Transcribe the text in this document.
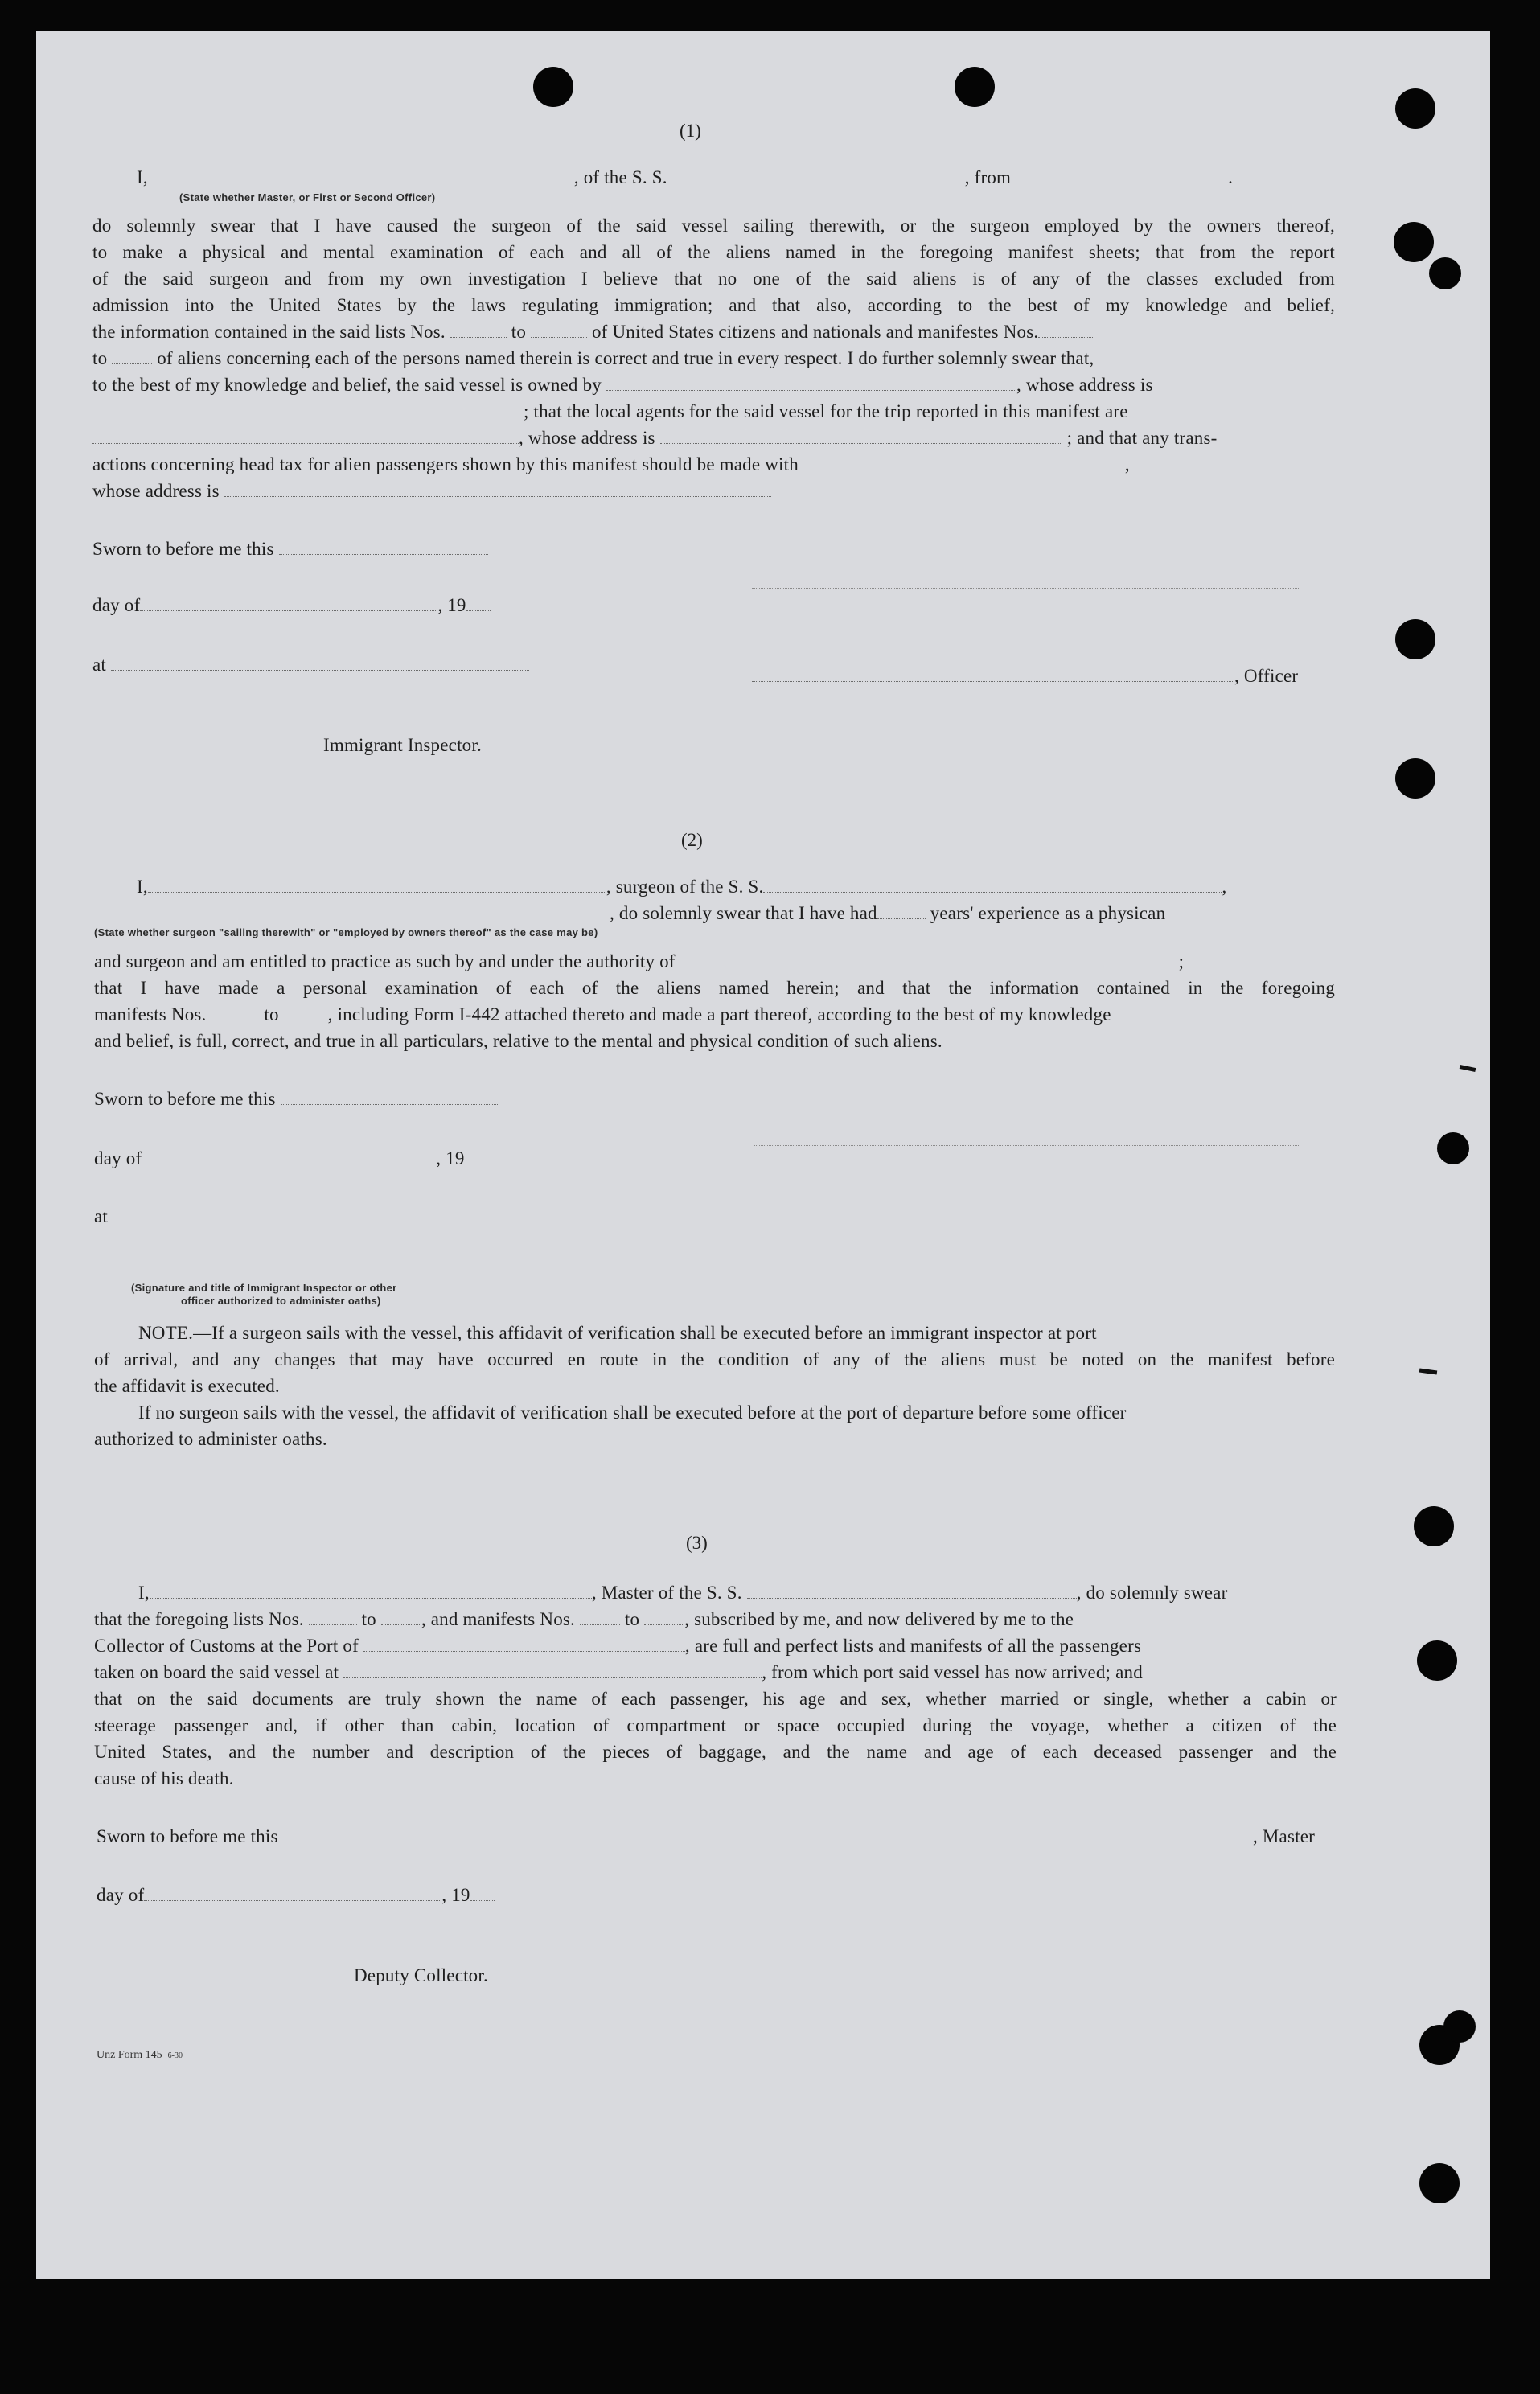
(1)

I,	, of the S. S.	, from	.

(State whether Master, or First or Second Officer)

do solemnly swear that I have caused the surgeon of the said vessel sailing therewith, or the surgeon employed by the owners thereof,

to make a physical and mental examination of each and all of the aliens named in the foregoing manifest sheets; that from the report

of the said surgeon and from my own investigation I believe that no one of the said aliens is of any of the classes excluded from

admission into the United States by the laws regulating immigration; and that also, according to the best of my knowledge and belief,

the information contained in the said lists Nos.	to	of United States citizens and nationals and manifestes Nos.

to	of aliens concerning each of the persons named therein is correct and true in every respect. I do further solemnly swear that,

to the best of my knowledge and belief, the said vessel is owned by	, whose address is

; that the local agents for the said vessel for the trip reported in this manifest are

, whose address is	; and that any trans-

actions concerning head tax for alien passengers shown by this manifest should be made with	,

whose address is

Sworn to before me this

day of	, 19

at

, Officer

Immigrant Inspector.

(2)

I,	, surgeon of the S. S.	,

, do solemnly swear that I have had	years' experience as a physican

(State whether surgeon "sailing therewith" or "employed by owners thereof" as the case may be)

and surgeon and am entitled to practice as such by and under the authority of	;

that I have made a personal examination of each of the aliens named herein; and that the information contained in the foregoing

manifests Nos.	to	, including Form I-442 attached thereto and made a part thereof, according to the best of my knowledge

and belief, is full, correct, and true in all particulars, relative to the mental and physical condition of such aliens.

Sworn to before me this

day of	, 19

at

(Signature and title of Immigrant Inspector or other

officer authorized to administer oaths)

NOTE.—If a surgeon sails with the vessel, this affidavit of verification shall be executed before an immigrant inspector at port

of arrival, and any changes that may have occurred en route in the condition of any of the aliens must be noted on the manifest before

the affidavit is executed.

If no surgeon sails with the vessel, the affidavit of verification shall be executed before at the port of departure before some officer

authorized to administer oaths.

(3)

I,	, Master of the S. S.	, do solemnly swear

that the foregoing lists Nos.	to , and manifests Nos.	to , subscribed by me, and now delivered by me to the

Collector of Customs at the Port of	, are full and perfect lists and manifests of all the passengers

taken on board the said vessel at	, from which port said vessel has now arrived; and

that on the said documents are truly shown the name of each passenger, his age and sex, whether married or single, whether a cabin or

steerage passenger and, if other than cabin, location of compartment or space occupied during the voyage, whether a citizen of the

United States, and the number and description of the pieces of baggage, and the name and age of each deceased passenger and the

cause of his death.

Sworn to before me this	, Master

day of	, 19

Deputy Collector.

Unz Form 145 6-30
